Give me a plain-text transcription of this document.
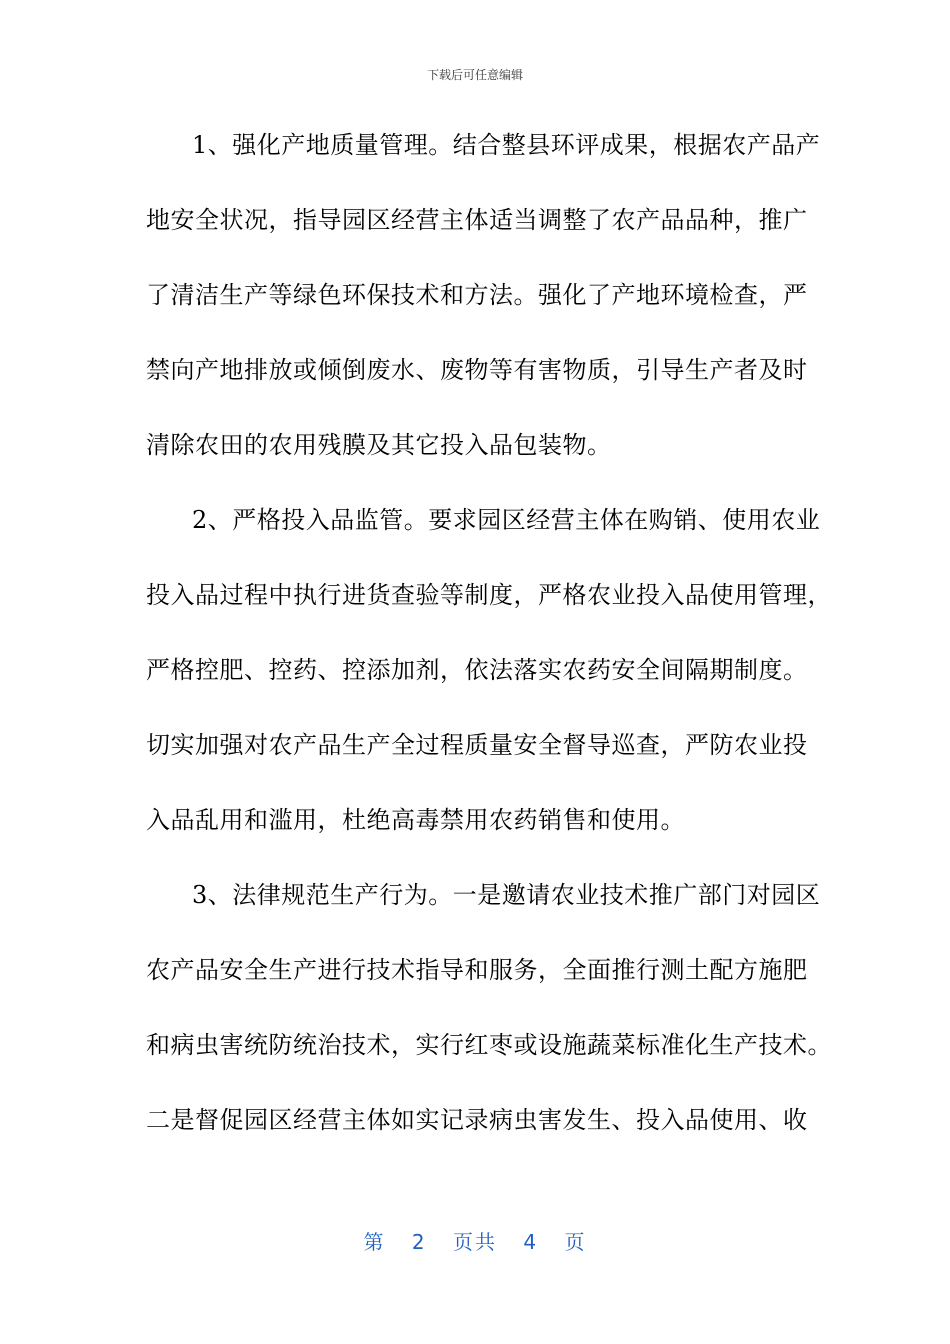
下载后可任意编辑
1、强化产地质量管理。结合整县环评成果，根据农产品产
地安全状况，指导园区经营主体适当调整了农产品品种，推广
了清洁生产等绿色环保技术和方法。强化了产地环境检查，严
禁向产地排放或倾倒废水、废物等有害物质，引导生产者及时
清除农田的农用残膜及其它投入品包装物。
2、严格投入品监管。要求园区经营主体在购销、使用农业
投入品过程中执行进货查验等制度，严格农业投入品使用管理，
严格控肥、控药、控添加剂，依法落实农药安全间隔期制度。
切实加强对农产品生产全过程质量安全督导巡查，严防农业投
入品乱用和滥用，杜绝高毒禁用农药销售和使用。
3、法律规范生产行为。一是邀请农业技术推广部门对园区
农产品安全生产进行技术指导和服务，全面推行测土配方施肥
和病虫害统防统治技术，实行红枣或设施蔬菜标准化生产技术。
二是督促园区经营主体如实记录病虫害发生、投入品使用、收
第 2 页共 4 页
